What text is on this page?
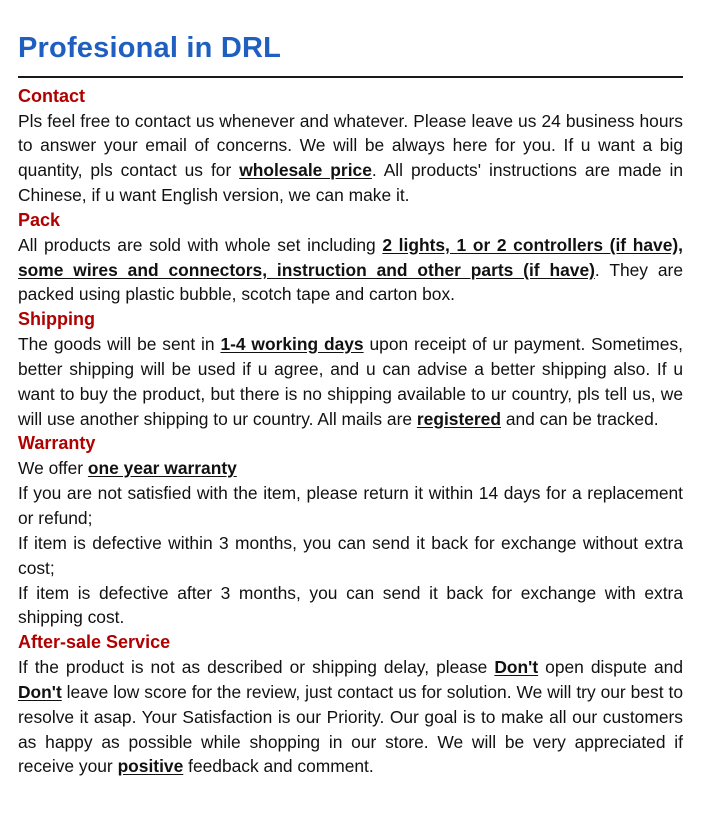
Profesional in DRL
Contact

Pls feel free to contact us whenever and whatever. Please leave us 24 business hours to answer your email of concerns. We will be always here for you. If u want a big quantity, pls contact us for wholesale price. All products' instructions are made in Chinese, if u want English version, we can make it.

Pack

All products are sold with whole set including 2 lights, 1 or 2 controllers (if have), some wires and connectors, instruction and other parts (if have). They are packed using plastic bubble, scotch tape and carton box.

Shipping

The goods will be sent in 1-4 working days upon receipt of ur payment. Sometimes, better shipping will be used if u agree, and u can advise a better shipping also. If u want to buy the product, but there is no shipping available to ur country, pls tell us, we will use another shipping to ur country. All mails are registered and can be tracked.

Warranty

We offer one year warranty

If you are not satisfied with the item, please return it within 14 days for a replacement or refund;

If item is defective within 3 months, you can send it back for exchange without extra cost;

If item is defective after 3 months, you can send it back for exchange with extra shipping cost.

After-sale Service

If the product is not as described or shipping delay, please Don't open dispute and Don't leave low score for the review, just contact us for solution. We will try our best to resolve it asap. Your Satisfaction is our Priority. Our goal is to make all our customers as happy as possible while shopping in our store. We will be very appreciated if receive your positive feedback and comment.
